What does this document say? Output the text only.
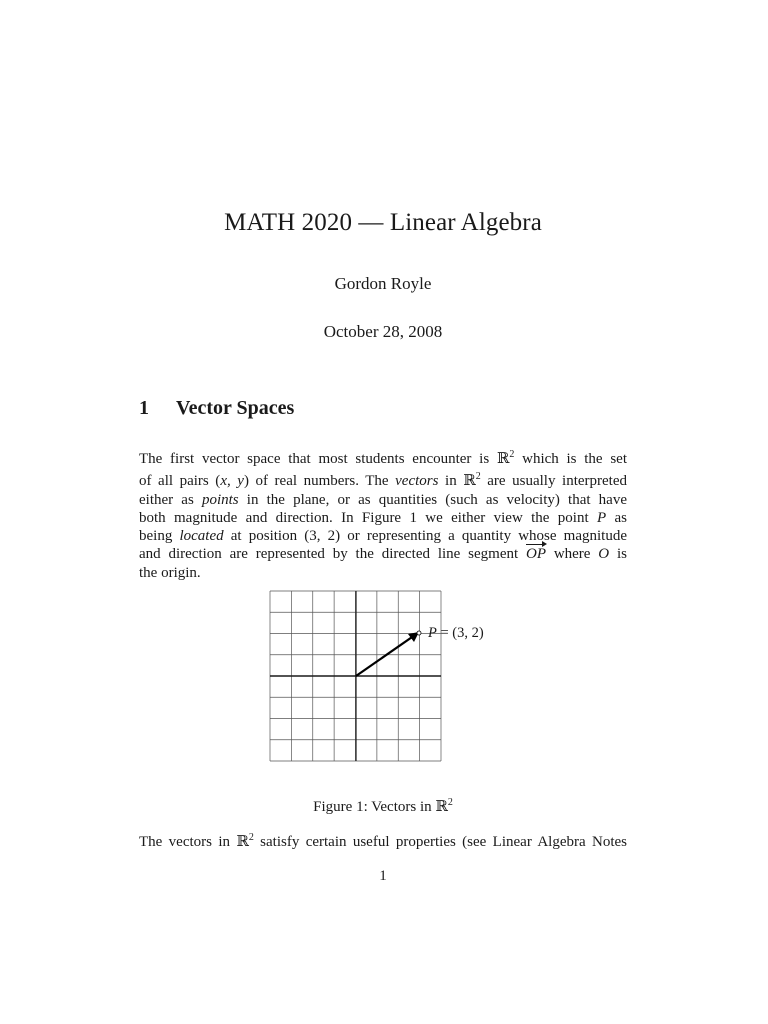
MATH 2020 — Linear Algebra
Gordon Royle
October 28, 2008
1 Vector Spaces
The first vector space that most students encounter is ℝ$^2$ which is the set
of all pairs (x, y) of real numbers. The vectors in ℝ$^2$ are usually interpreted
either as points in the plane, or as quantities (such as velocity) that have
both magnitude and direction. In Figure 1 we either view the point P as
being located at position (3, 2) or representing a quantity whose magnitude
and direction are represented by the directed line segment OP where O is
the origin.
P = (3, 2)
Figure 1: Vectors in ℝ$^2$
The vectors in ℝ$^2$ satisfy certain useful properties (see Linear Algebra Notes
1
